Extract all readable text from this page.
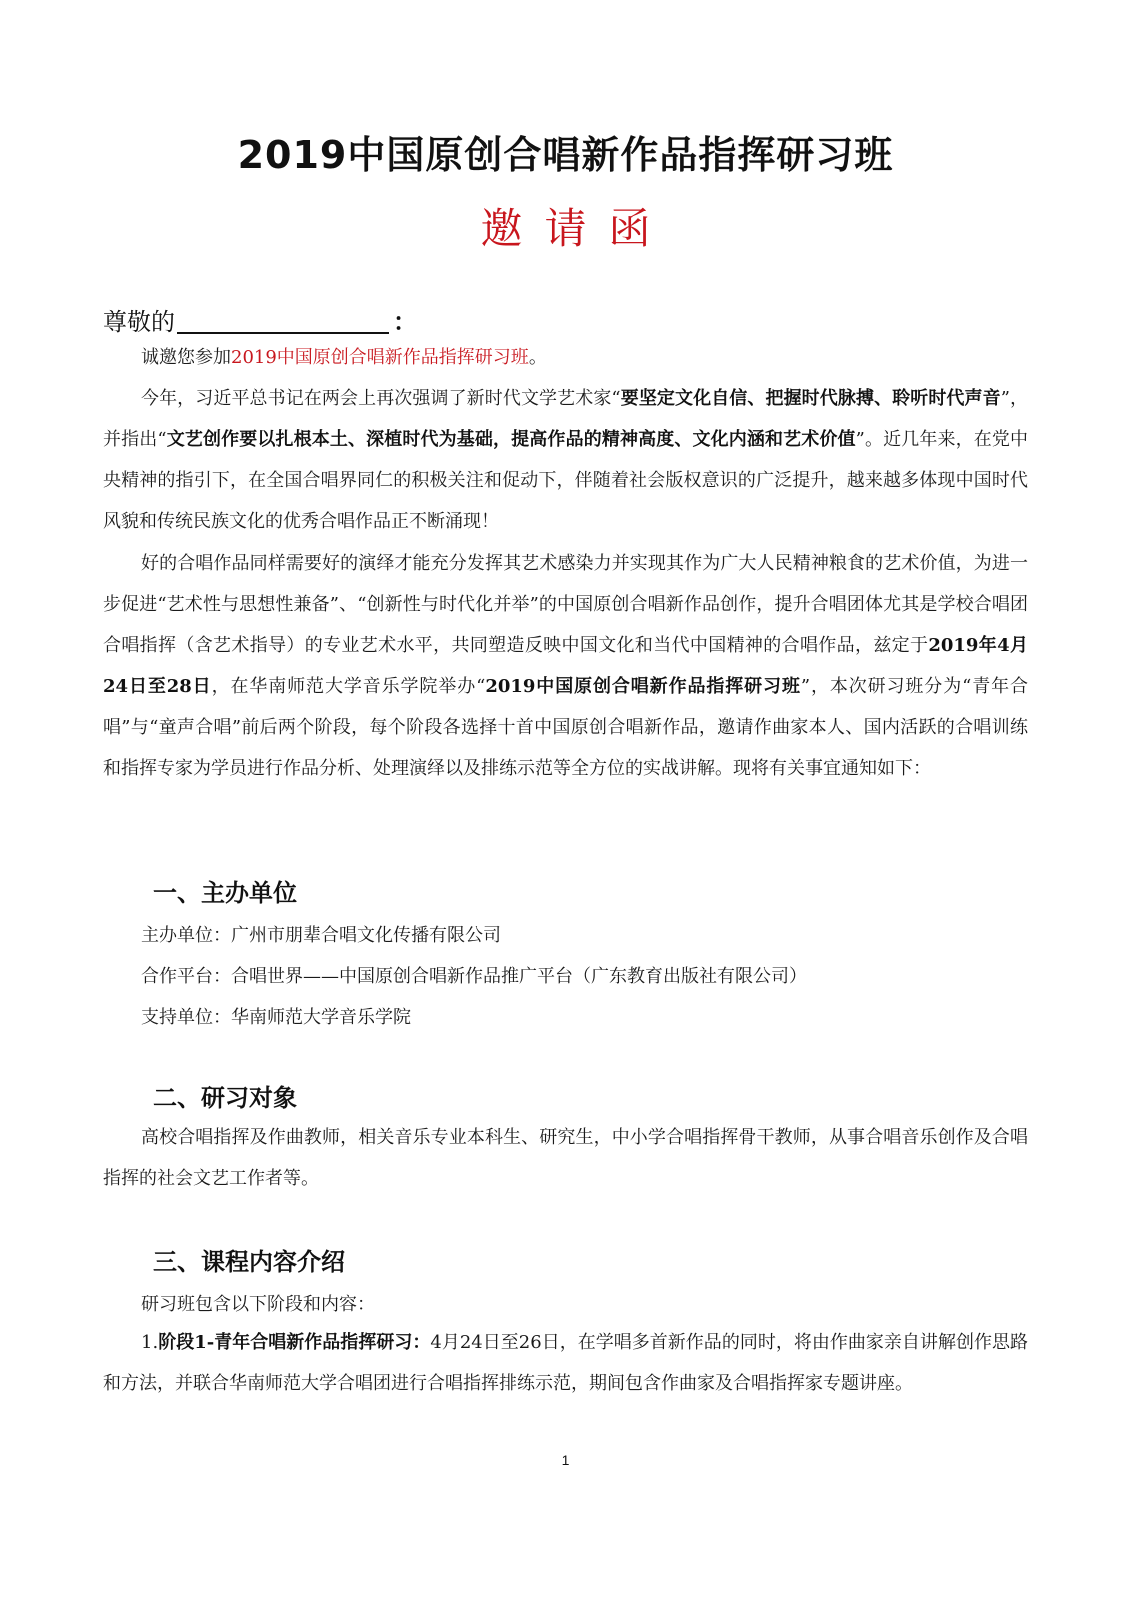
2019中国原创合唱新作品指挥研习班
邀请函
尊敬的	：
诚邀您参加2019中国原创合唱新作品指挥研习班。
今年，习近平总书记在两会上再次强调了新时代文学艺术家“要坚定文化自信、把握时代脉搏、聆听时代声音”，并指出“文艺创作要以扎根本土、深植时代为基础，提高作品的精神高度、文化内涵和艺术价值”。近几年来，在党中央精神的指引下，在全国合唱界同仁的积极关注和促动下，伴随着社会版权意识的广泛提升，越来越多体现中国时代风貌和传统民族文化的优秀合唱作品正不断涌现！
好的合唱作品同样需要好的演绎才能充分发挥其艺术感染力并实现其作为广大人民精神粮食的艺术价值，为进一步促进“艺术性与思想性兼备”、“创新性与时代化并举”的中国原创合唱新作品创作，提升合唱团体尤其是学校合唱团合唱指挥（含艺术指导）的专业艺术水平，共同塑造反映中国文化和当代中国精神的合唱作品，兹定于2019年4月24日至28日，在华南师范大学音乐学院举办“2019中国原创合唱新作品指挥研习班”，本次研习班分为“青年合唱”与“童声合唱”前后两个阶段，每个阶段各选择十首中国原创合唱新作品，邀请作曲家本人、国内活跃的合唱训练和指挥专家为学员进行作品分析、处理演绎以及排练示范等全方位的实战讲解。现将有关事宜通知如下：
一、主办单位
主办单位：广州市朋辈合唱文化传播有限公司
合作平台：合唱世界——中国原创合唱新作品推广平台（广东教育出版社有限公司）
支持单位：华南师范大学音乐学院
二、研习对象
高校合唱指挥及作曲教师，相关音乐专业本科生、研究生，中小学合唱指挥骨干教师，从事合唱音乐创作及合唱指挥的社会文艺工作者等。
三、课程内容介绍
研习班包含以下阶段和内容：
1.阶段1-青年合唱新作品指挥研习：4月24日至26日，在学唱多首新作品的同时，将由作曲家亲自讲解创作思路和方法，并联合华南师范大学合唱团进行合唱指挥排练示范，期间包含作曲家及合唱指挥家专题讲座。
1
